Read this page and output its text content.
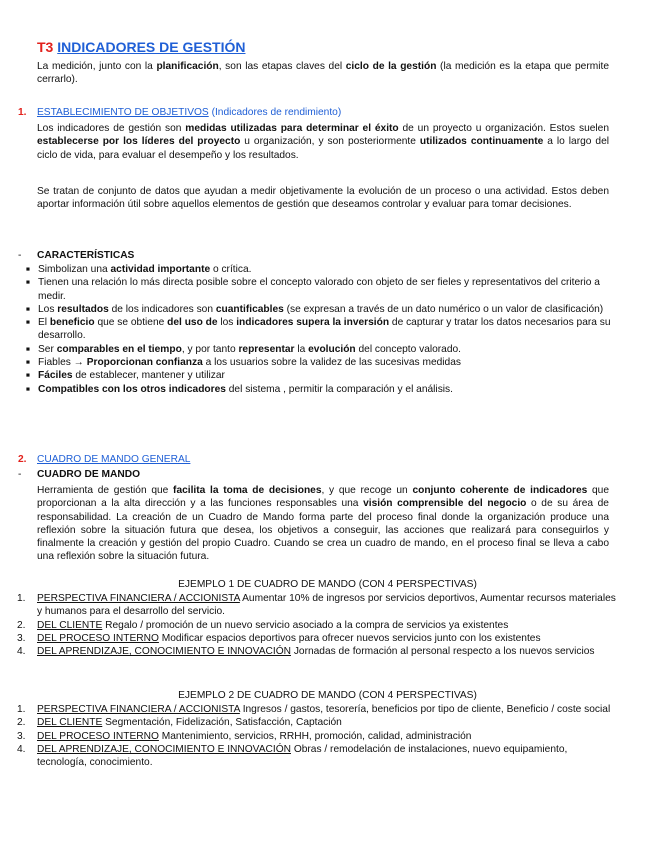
T3 INDICADORES DE GESTIÓN
La medición, junto con la planificación, son las etapas claves del ciclo de la gestión (la medición es la etapa que permite cerrarlo).
1. ESTABLECIMIENTO DE OBJETIVOS (Indicadores de rendimiento)
Los indicadores de gestión son medidas utilizadas para determinar el éxito de un proyecto u organización. Estos suelen establecerse por los líderes del proyecto u organización, y son posteriormente utilizados continuamente a lo largo del ciclo de vida, para evaluar el desempeño y los resultados.
Se tratan de conjunto de datos que ayudan a medir objetivamente la evolución de un proceso o una actividad. Estos deben aportar información útil sobre aquellos elementos de gestión que deseamos controlar y evaluar para tomar decisiones.
- CARACTERÍSTICAS
■ Simbolizan una actividad importante o crítica.
■ Tienen una relación lo más directa posible sobre el concepto valorado con objeto de ser fieles y representativos del criterio a medir.
■ Los resultados de los indicadores son cuantificables (se expresan a través de un dato numérico o un valor de clasificación)
■ El beneficio que se obtiene del uso de los indicadores supera la inversión de capturar y tratar los datos necesarios para su desarrollo.
■ Ser comparables en el tiempo, y por tanto representar la evolución del concepto valorado.
■ Fiables → Proporcionan confianza a los usuarios sobre la validez de las sucesivas medidas
■ Fáciles de establecer, mantener y utilizar
■ Compatibles con los otros indicadores del sistema , permitir la comparación y el análisis.
2. CUADRO DE MANDO GENERAL
- CUADRO DE MANDO
Herramienta de gestión que facilita la toma de decisiones, y que recoge un conjunto coherente de indicadores que proporcionan a la alta dirección y a las funciones responsables una visión comprensible del negocio o de su área de responsabilidad. La creación de un Cuadro de Mando forma parte del proceso final donde la organización produce una reflexión sobre la situación futura que desea, los objetivos a conseguir, las acciones que realizará para conseguirlos y finalmente la creación y gestión del propio Cuadro. Cuando se crea un cuadro de mando, en el proceso final se lleva a cabo una reflexión sobre la situación futura.
EJEMPLO 1 DE CUADRO DE MANDO (CON 4 PERSPECTIVAS)
1. PERSPECTIVA FINANCIERA / ACCIONISTA Aumentar 10% de ingresos por servicios deportivos, Aumentar recursos materiales y humanos para el desarrollo del servicio.
2. DEL CLIENTE Regalo / promoción de un nuevo servicio asociado a la compra de servicios ya existentes
3. DEL PROCESO INTERNO Modificar espacios deportivos para ofrecer nuevos servicios junto con los existentes
4. DEL APRENDIZAJE, CONOCIMIENTO E INNOVACIÓN Jornadas de formación al personal respecto a los nuevos servicios
EJEMPLO 2 DE CUADRO DE MANDO (CON 4 PERSPECTIVAS)
1. PERSPECTIVA FINANCIERA / ACCIONISTA Ingresos / gastos, tesorería, beneficios por tipo de cliente, Beneficio / coste social
2. DEL CLIENTE Segmentación, Fidelización, Satisfacción, Captación
3. DEL PROCESO INTERNO Mantenimiento, servicios, RRHH, promoción, calidad, administración
4. DEL APRENDIZAJE, CONOCIMIENTO E INNOVACIÓN Obras / remodelación de instalaciones, nuevo equipamiento, tecnología, conocimiento.
